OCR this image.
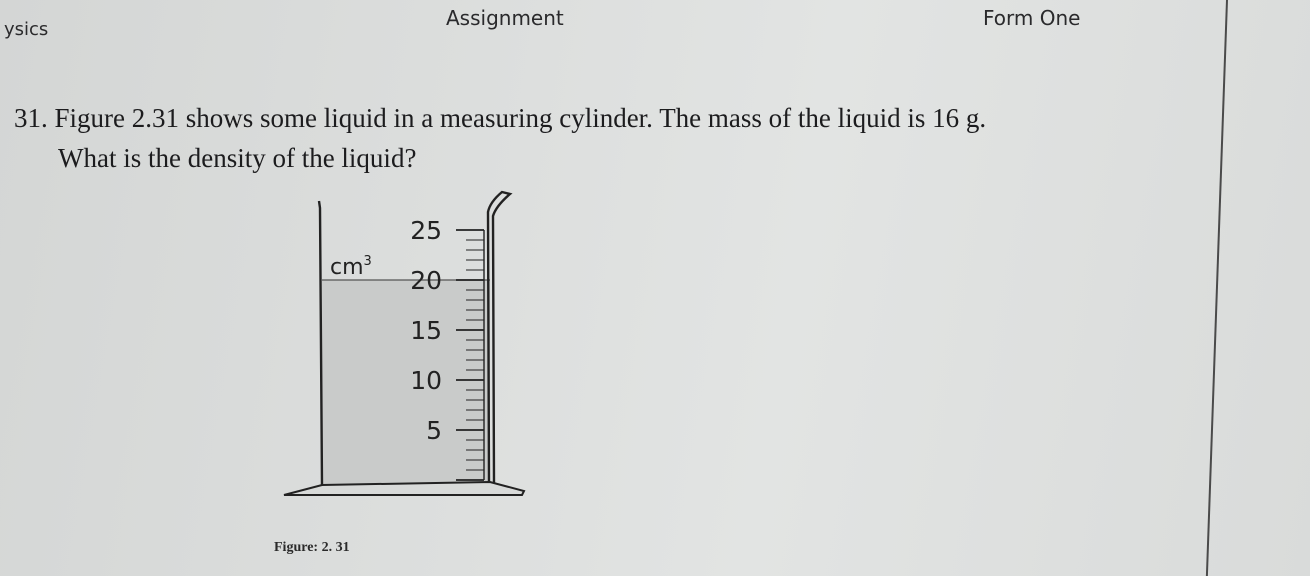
ysics	Assignment	Form One
31. Figure 2.31 shows some liquid in a measuring cylinder. The mass of the liquid is 16 g.
What is the density of the liquid?
25
20
15
10
5
$cm^3$
Figure: 2. 31
